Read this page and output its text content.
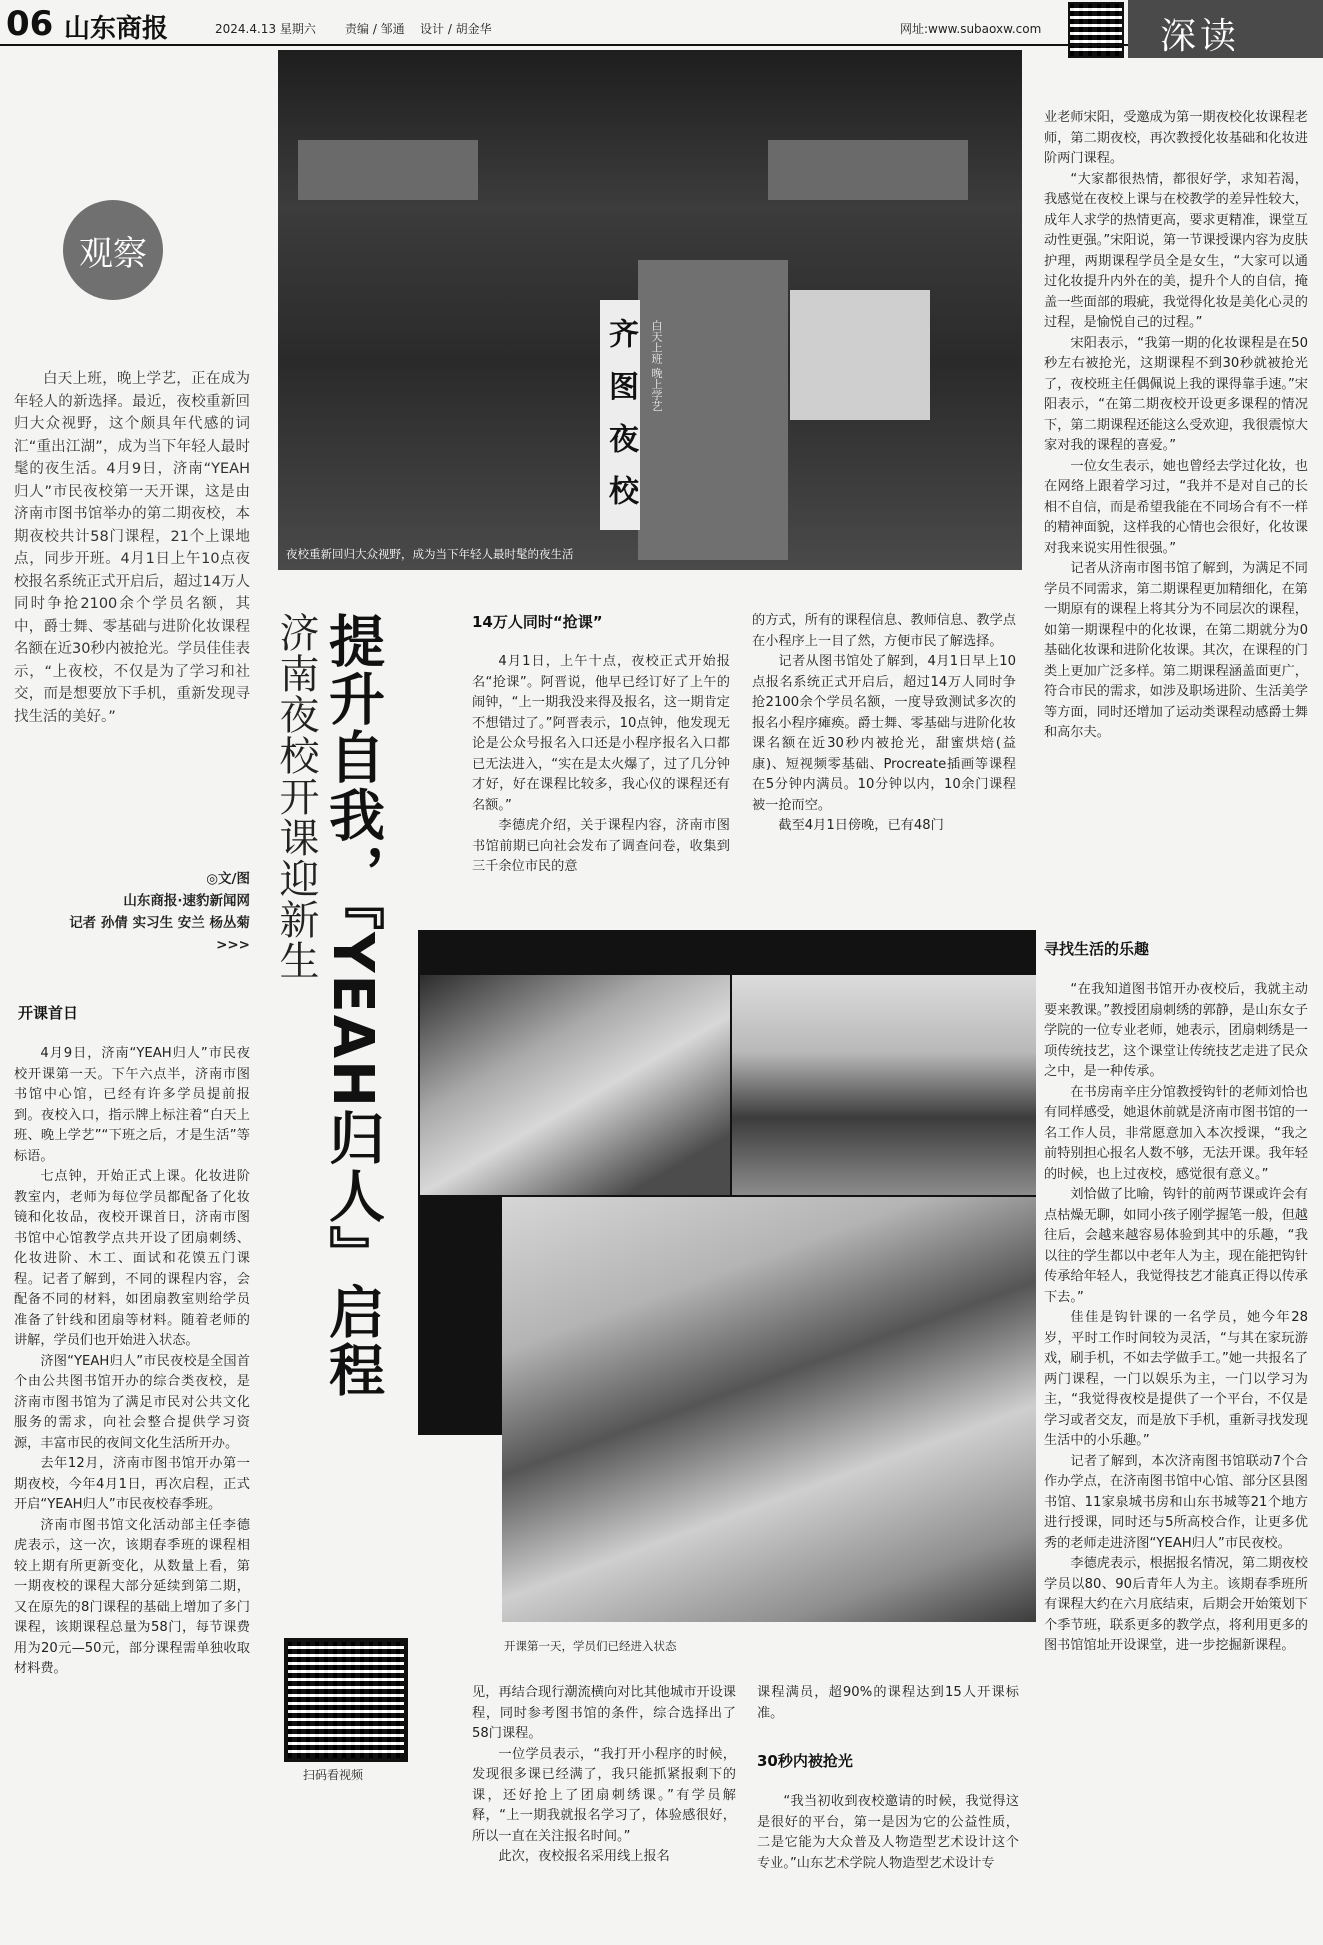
06 山东商报	2024.4.13 星期六 责编 / 邹通 设计 / 胡金华	网址:www.subaoxw.com	深读
观察

白天上班，晚上学艺，正在成为年轻人的新选择。最近，夜校重新回归大众视野，这个颇具年代感的词汇“重出江湖”，成为当下年轻人最时髦的夜生活。4月9日，济南“YEAH归人”市民夜校第一天开课，这是由济南市图书馆举办的第二期夜校，本期夜校共计58门课程，21个上课地点，同步开班。4月1日上午10点夜校报名系统正式开启后，超过14万人同时争抢2100余个学员名额，其中，爵士舞、零基础与进阶化妆课程名额在近30秒内被抢光。学员佳佳表示，“上夜校，不仅是为了学习和社交，而是想要放下手机，重新发现寻找生活的美好。”

◎文/图
山东商报·速豹新闻网
记者 孙倩 实习生 安兰 杨丛菊
>>>
开课首日

4月9日，济南“YEAH归人”市民夜校开课第一天。下午六点半，济南市图书馆中心馆，已经有许多学员提前报到。夜校入口，指示牌上标注着“白天上班、晚上学艺”“下班之后，才是生活”等标语。

七点钟，开始正式上课。化妆进阶教室内，老师为每位学员都配备了化妆镜和化妆品，夜校开课首日，济南市图书馆中心馆教学点共开设了团扇刺绣、化妆进阶、木工、面试和花馍五门课程。记者了解到，不同的课程内容，会配备不同的材料，如团扇教室则给学员准备了针线和团扇等材料。随着老师的讲解，学员们也开始进入状态。

济图“YEAH归人”市民夜校是全国首个由公共图书馆开办的综合类夜校，是济南市图书馆为了满足市民对公共文化服务的需求，向社会整合提供学习资源，丰富市民的夜间文化生活所开办。

去年12月，济南市图书馆开办第一期夜校，今年4月1日，再次启程，正式开启“YEAH归人”市民夜校春季班。

济南市图书馆文化活动部主任李德虎表示，这一次，该期春季班的课程相较上期有所更新变化，从数量上看，第一期夜校的课程大部分延续到第二期，又在原先的8门课程的基础上增加了多门课程，该期课程总量为58门，每节课费用为20元—50元，部分课程需单独收取材料费。

齐 图 夜 校	白天上班 晚上学艺
夜校重新回归大众视野，成为当下年轻人最时髦的夜生活
济南夜校开课迎新生 提升自我，『YEAH归人』启程	14万人同时“抢课”

4月1日，上午十点，夜校正式开始报名“抢课”。阿晋说，他早已经订好了上午的闹钟，“上一期我没来得及报名，这一期肯定不想错过了。”阿晋表示，10点钟，他发现无论是公众号报名入口还是小程序报名入口都已无法进入，“实在是太火爆了，过了几分钟才好，好在课程比较多，我心仪的课程还有名额。”

李德虎介绍，关于课程内容，济南市图书馆前期已向社会发布了调查问卷，收集到三千余位市民的意

的方式，所有的课程信息、教师信息、教学点在小程序上一目了然，方便市民了解选择。

记者从图书馆处了解到，4月1日早上10点报名系统正式开启后，超过14万人同时争抢2100余个学员名额，一度导致测试多次的报名小程序瘫痪。爵士舞、零基础与进阶化妆课名额在近30秒内被抢光，甜蜜烘焙(益康)、短视频零基础、Procreate插画等课程在5分钟内满员。10分钟以内，10余门课程被一抢而空。

截至4月1日傍晚，已有48门

开课第一天，学员们已经进入状态
扫码看视频

见，再结合现行潮流横向对比其他城市开设课程，同时参考图书馆的条件，综合选择出了58门课程。

一位学员表示，“我打开小程序的时候，发现很多课已经满了，我只能抓紧报剩下的课，还好抢上了团扇刺绣课。”有学员解释，“上一期我就报名学习了，体验感很好，所以一直在关注报名时间。”

此次，夜校报名采用线上报名

课程满员，超90%的课程达到15人开课标准。

30秒内被抢光

“我当初收到夜校邀请的时候，我觉得这是很好的平台，第一是因为它的公益性质，二是它能为大众普及人物造型艺术设计这个专业。”山东艺术学院人物造型艺术设计专

业老师宋阳，受邀成为第一期夜校化妆课程老师，第二期夜校，再次教授化妆基础和化妆进阶两门课程。

“大家都很热情，都很好学，求知若渴，我感觉在夜校上课与在校教学的差异性较大，成年人求学的热情更高，要求更精准，课堂互动性更强。”宋阳说，第一节课授课内容为皮肤护理，两期课程学员全是女生，“大家可以通过化妆提升内外在的美，提升个人的自信，掩盖一些面部的瑕疵，我觉得化妆是美化心灵的过程，是愉悦自己的过程。”

宋阳表示，“我第一期的化妆课程是在50秒左右被抢光，这期课程不到30秒就被抢光了，夜校班主任偶佩说上我的课得靠手速。”宋阳表示，“在第二期夜校开设更多课程的情况下，第二期课程还能这么受欢迎，我很震惊大家对我的课程的喜爱。”

一位女生表示，她也曾经去学过化妆，也在网络上跟着学习过，“我并不是对自己的长相不自信，而是希望我能在不同场合有不一样的精神面貌，这样我的心情也会很好，化妆课对我来说实用性很强。”

记者从济南市图书馆了解到，为满足不同学员不同需求，第二期课程更加精细化，在第一期原有的课程上将其分为不同层次的课程，如第一期课程中的化妆课，在第二期就分为0基础化妆课和进阶化妆课。其次，在课程的门类上更加广泛多样。第二期课程涵盖面更广，符合市民的需求，如涉及职场进阶、生活美学等方面，同时还增加了运动类课程动感爵士舞和高尔夫。

寻找生活的乐趣

“在我知道图书馆开办夜校后，我就主动要来教课。”教授团扇刺绣的郭静，是山东女子学院的一位专业老师，她表示，团扇刺绣是一项传统技艺，这个课堂让传统技艺走进了民众之中，是一种传承。

在书房南辛庄分馆教授钩针的老师刘恰也有同样感受，她退休前就是济南市图书馆的一名工作人员，非常愿意加入本次授课，“我之前特别担心报名人数不够，无法开课。我年轻的时候，也上过夜校，感觉很有意义。”

刘恰做了比喻，钩针的前两节课或许会有点枯燥无聊，如同小孩子刚学握笔一般，但越往后，会越来越容易体验到其中的乐趣，“我以往的学生都以中老年人为主，现在能把钩针传承给年轻人，我觉得技艺才能真正得以传承下去。”

佳佳是钩针课的一名学员，她今年28岁，平时工作时间较为灵活，“与其在家玩游戏，刷手机，不如去学做手工。”她一共报名了两门课程，一门以娱乐为主，一门以学习为主，“我觉得夜校是提供了一个平台，不仅是学习或者交友，而是放下手机，重新寻找发现生活中的小乐趣。”

记者了解到，本次济南图书馆联动7个合作办学点，在济南图书馆中心馆、部分区县图书馆、11家泉城书房和山东书城等21个地方进行授课，同时还与5所高校合作，让更多优秀的老师走进济图“YEAH归人”市民夜校。

李德虎表示，根据报名情况，第二期夜校学员以80、90后青年人为主。该期春季班所有课程大约在六月底结束，后期会开始策划下个季节班，联系更多的教学点，将利用更多的图书馆馆址开设课堂，进一步挖掘新课程。
